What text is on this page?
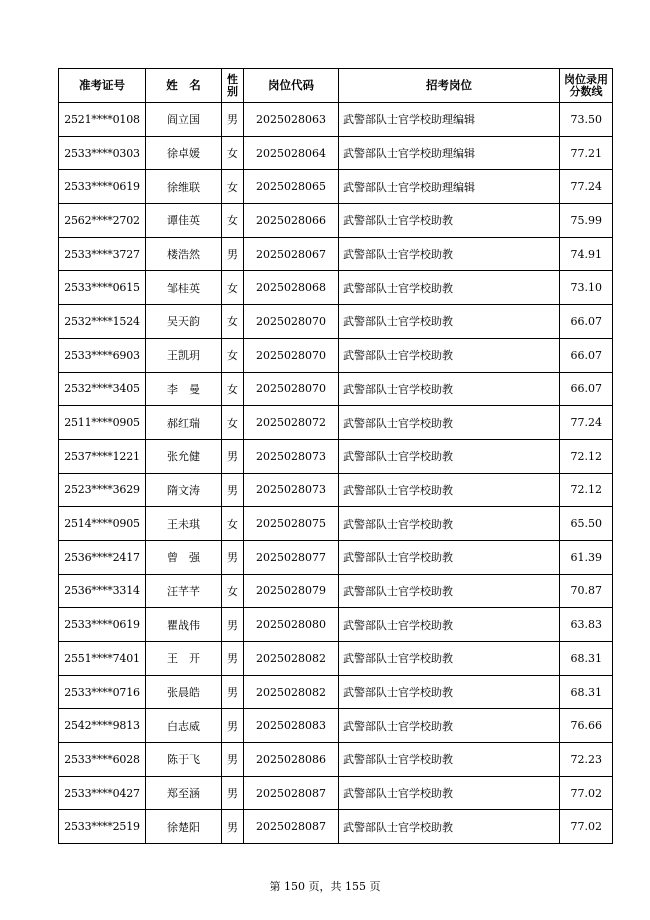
准考证号	姓　名	性别	岗位代码	招考岗位	岗位录用分数线
2521****0108	阎立国	男	2025028063	武警部队士官学校助理编辑	73.50
2533****0303	徐卓媛	女	2025028064	武警部队士官学校助理编辑	77.21
2533****0619	徐维联	女	2025028065	武警部队士官学校助理编辑	77.24
2562****2702	谭佳英	女	2025028066	武警部队士官学校助教	75.99
2533****3727	楼浩然	男	2025028067	武警部队士官学校助教	74.91
2533****0615	邹桂英	女	2025028068	武警部队士官学校助教	73.10
2532****1524	吴天韵	女	2025028070	武警部队士官学校助教	66.07
2533****6903	王凯玥	女	2025028070	武警部队士官学校助教	66.07
2532****3405	李　曼	女	2025028070	武警部队士官学校助教	66.07
2511****0905	郝红瑞	女	2025028072	武警部队士官学校助教	77.24
2537****1221	张允健	男	2025028073	武警部队士官学校助教	72.12
2523****3629	隋文涛	男	2025028073	武警部队士官学校助教	72.12
2514****0905	王未琪	女	2025028075	武警部队士官学校助教	65.50
2536****2417	曾　强	男	2025028077	武警部队士官学校助教	61.39
2536****3314	汪芊芊	女	2025028079	武警部队士官学校助教	70.87
2533****0619	瞿战伟	男	2025028080	武警部队士官学校助教	63.83
2551****7401	王　开	男	2025028082	武警部队士官学校助教	68.31
2533****0716	张晨皓	男	2025028082	武警部队士官学校助教	68.31
2542****9813	白志威	男	2025028083	武警部队士官学校助教	76.66
2533****6028	陈于飞	男	2025028086	武警部队士官学校助教	72.23
2533****0427	郑至涵	男	2025028087	武警部队士官学校助教	77.02
2533****2519	徐楚阳	男	2025028087	武警部队士官学校助教	77.02
第 150 页，共 155 页
